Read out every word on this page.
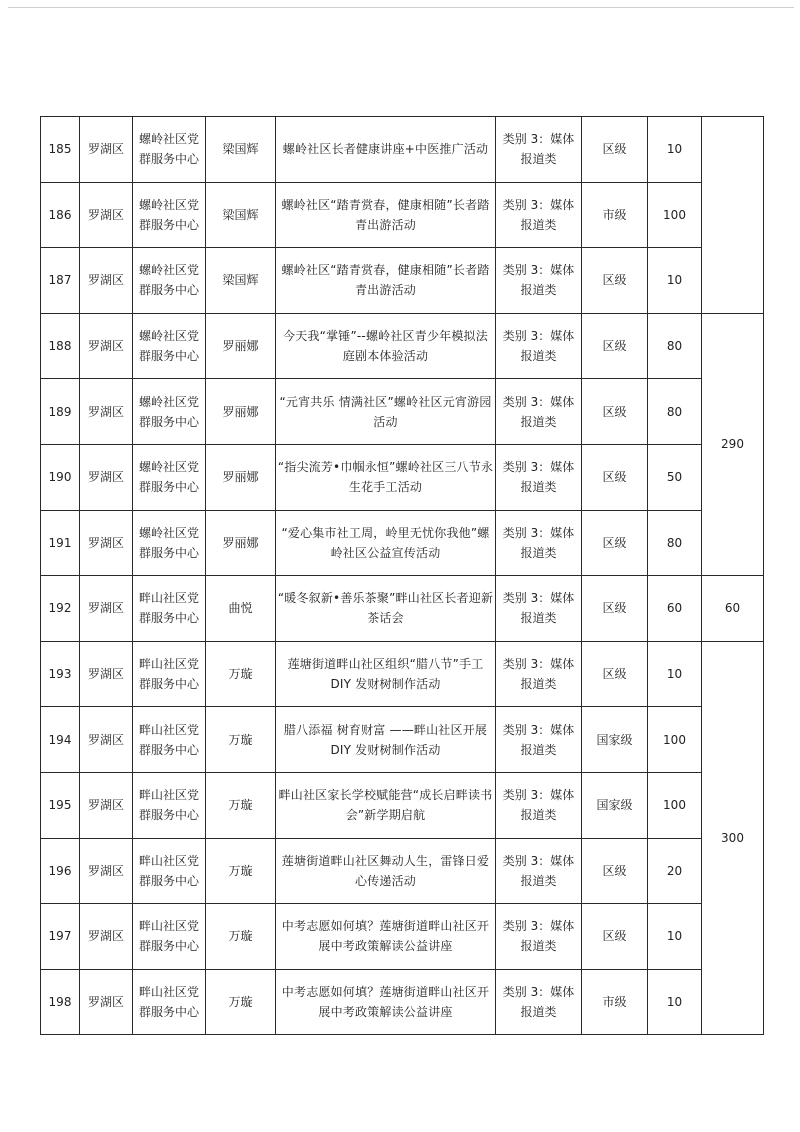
185	罗湖区	螺岭社区党群服务中心	梁国辉	螺岭社区长者健康讲座+中医推广活动	类别 3：媒体报道类	区级	10	
186	罗湖区	螺岭社区党群服务中心	梁国辉	螺岭社区“踏青赏春，健康相随”长者踏青出游活动	类别 3：媒体报道类	市级	100	
187	罗湖区	螺岭社区党群服务中心	梁国辉	螺岭社区“踏青赏春，健康相随”长者踏青出游活动	类别 3：媒体报道类	区级	10	
188	罗湖区	螺岭社区党群服务中心	罗丽娜	今天我“掌锤”--螺岭社区青少年模拟法庭剧本体验活动	类别 3：媒体报道类	区级	80	290
189	罗湖区	螺岭社区党群服务中心	罗丽娜	“元宵共乐 情满社区”螺岭社区元宵游园活动	类别 3：媒体报道类	区级	80	
190	罗湖区	螺岭社区党群服务中心	罗丽娜	“指尖流芳•巾帼永恒”螺岭社区三八节永生花手工活动	类别 3：媒体报道类	区级	50	
191	罗湖区	螺岭社区党群服务中心	罗丽娜	“爱心集市社工周，岭里无忧你我他”螺岭社区公益宣传活动	类别 3：媒体报道类	区级	80	
192	罗湖区	畔山社区党群服务中心	曲悦	“暖冬叙新•善乐茶聚”畔山社区长者迎新茶话会	类别 3：媒体报道类	区级	60	60
193	罗湖区	畔山社区党群服务中心	万璇	莲塘街道畔山社区组织“腊八节”手工 DIY 发财树制作活动	类别 3：媒体报道类	区级	10	300
194	罗湖区	畔山社区党群服务中心	万璇	腊八添福 树育财富 ——畔山社区开展 DIY 发财树制作活动	类别 3：媒体报道类	国家级	100	
195	罗湖区	畔山社区党群服务中心	万璇	畔山社区家长学校赋能营“成长启畔读书会”新学期启航	类别 3：媒体报道类	国家级	100	
196	罗湖区	畔山社区党群服务中心	万璇	莲塘街道畔山社区舞动人生，雷锋日爱心传递活动	类别 3：媒体报道类	区级	20	
197	罗湖区	畔山社区党群服务中心	万璇	中考志愿如何填？莲塘街道畔山社区开展中考政策解读公益讲座	类别 3：媒体报道类	区级	10	
198	罗湖区	畔山社区党群服务中心	万璇	中考志愿如何填？莲塘街道畔山社区开展中考政策解读公益讲座	类别 3：媒体报道类	市级	10	
